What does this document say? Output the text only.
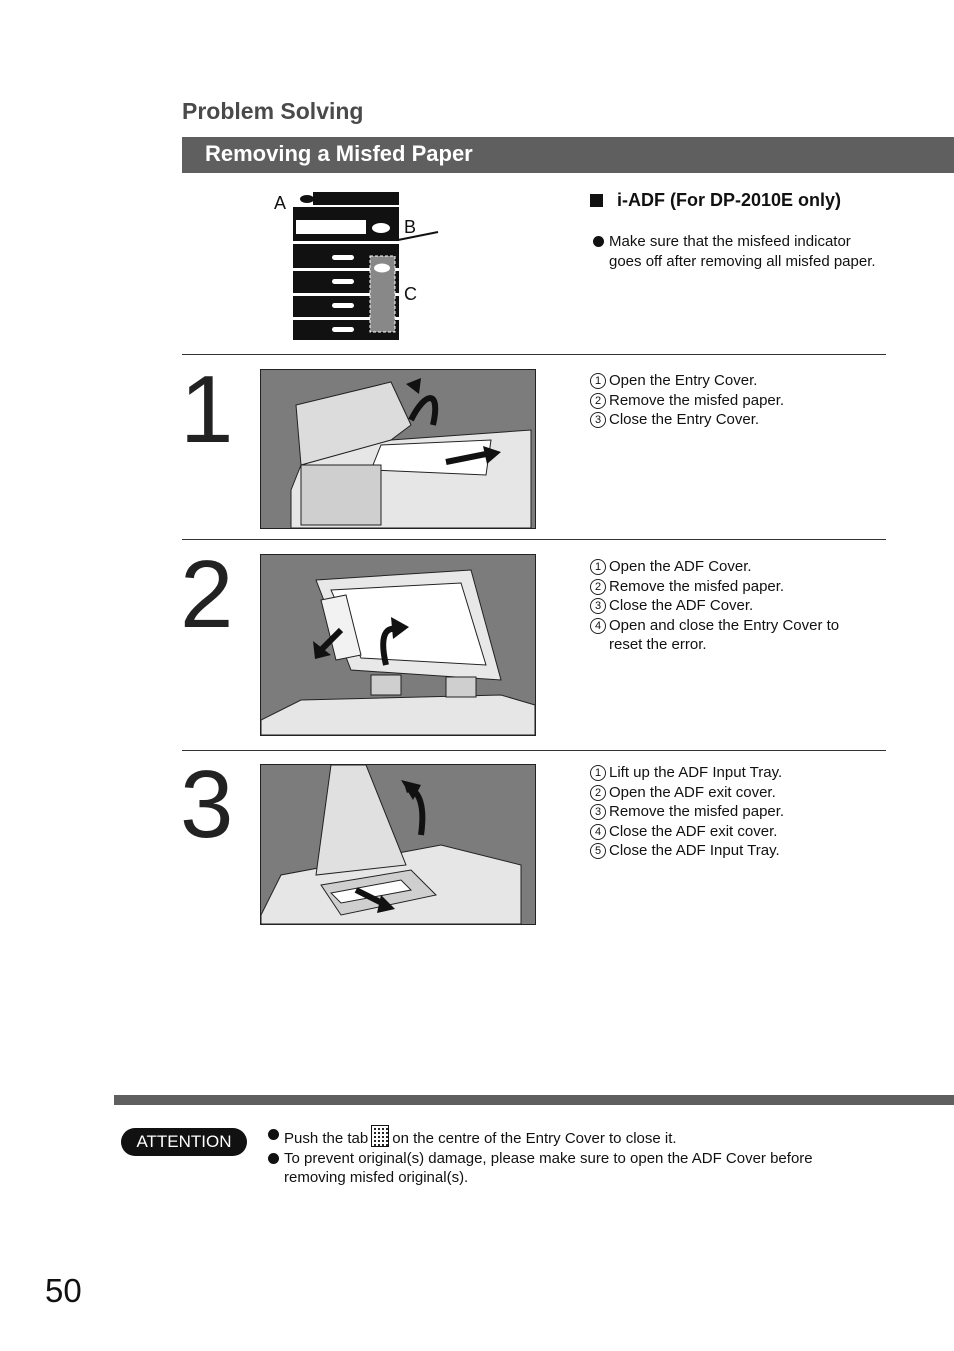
Problem Solving
Removing a Misfed Paper
A
B
C
i-ADF (For DP-2010E only)
Make sure that the misfeed indicator goes off after removing all misfed paper.
1	1 Open the Entry Cover.
2 Remove the misfed paper.
3 Close the Entry Cover.
2	1 Open the ADF Cover.
2 Remove the misfed paper.
3 Close the ADF Cover.
4 Open and close the Entry Cover to reset the error.
3	1 Lift up the ADF Input Tray.
2 Open the ADF exit cover.
3 Remove the misfed paper.
4 Close the ADF exit cover.
5 Close the ADF Input Tray.
ATTENTION	Push the tab on the centre of the Entry Cover to close it.
To prevent original(s) damage, please make sure to open the ADF Cover before removing misfed original(s).
50
